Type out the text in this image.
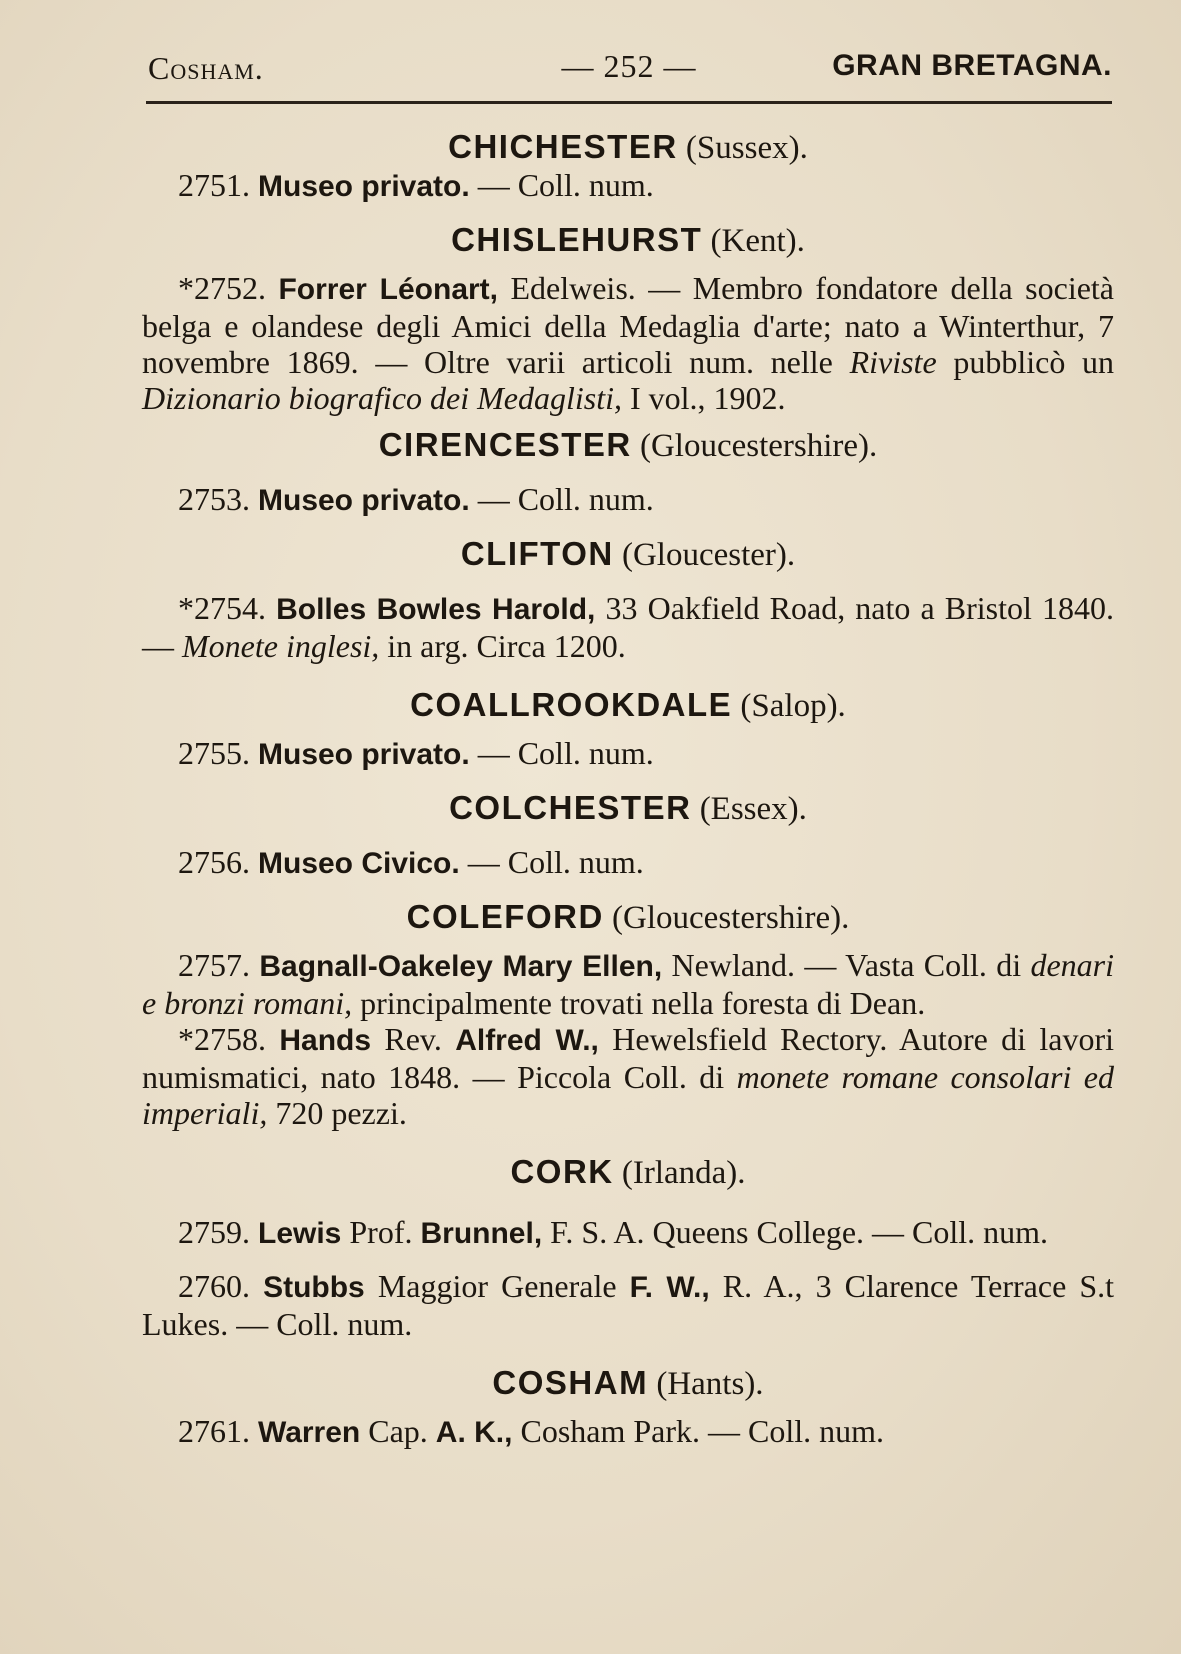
Cosham.	— 252 —	GRAN BRETAGNA.

CHICHESTER (Sussex).

2751. Museo privato. — Coll. num.

CHISLEHURST (Kent).

*2752. Forrer Léonart, Edelweis. — Membro fondatore della società belga e olandese degli Amici della Medaglia d'arte; nato a Winterthur, 7 novembre 1869. — Oltre varii articoli num. nelle Riviste pubblicò un Dizionario biografico dei Medaglisti, I vol., 1902.

CIRENCESTER (Gloucestershire).

2753. Museo privato. — Coll. num.

CLIFTON (Gloucester).

*2754. Bolles Bowles Harold, 33 Oakfield Road, nato a Bristol 1840. — Monete inglesi, in arg. Circa 1200.

COALLROOKDALE (Salop).

2755. Museo privato. — Coll. num.

COLCHESTER (Essex).

2756. Museo Civico. — Coll. num.

COLEFORD (Gloucestershire).

2757. Bagnall-Oakeley Mary Ellen, Newland. — Vasta Coll. di denari e bronzi romani, principalmente trovati nella foresta di Dean.

*2758. Hands Rev. Alfred W., Hewelsfield Rectory. Autore di lavori numismatici, nato 1848. — Piccola Coll. di monete romane consolari ed imperiali, 720 pezzi.

CORK (Irlanda).

2759. Lewis Prof. Brunnel, F. S. A. Queens College. — Coll. num.

2760. Stubbs Maggior Generale F. W., R. A., 3 Clarence Terrace S.t Lukes. — Coll. num.

COSHAM (Hants).

2761. Warren Cap. A. K., Cosham Park. — Coll. num.
